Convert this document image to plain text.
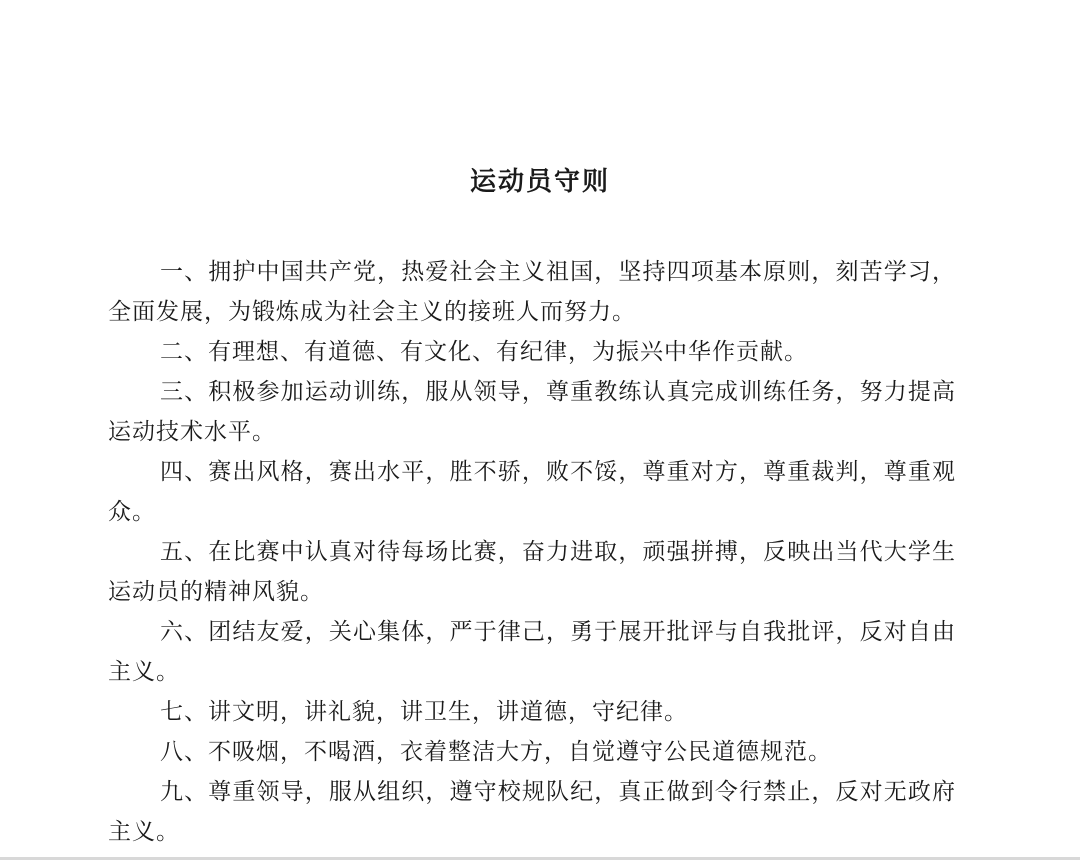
运动员守则

一、拥护中国共产党，热爱社会主义祖国，坚持四项基本原则，刻苦学习，全面发展，为锻炼成为社会主义的接班人而努力。

二、有理想、有道德、有文化、有纪律，为振兴中华作贡献。

三、积极参加运动训练，服从领导，尊重教练认真完成训练任务，努力提高运动技术水平。

四、赛出风格，赛出水平，胜不骄，败不馁，尊重对方，尊重裁判，尊重观众。

五、在比赛中认真对待每场比赛，奋力进取，顽强拼搏，反映出当代大学生运动员的精神风貌。

六、团结友爱，关心集体，严于律己，勇于展开批评与自我批评，反对自由主义。

七、讲文明，讲礼貌，讲卫生，讲道德，守纪律。

八、不吸烟，不喝酒，衣着整洁大方，自觉遵守公民道德规范。

九、尊重领导，服从组织，遵守校规队纪，真正做到令行禁止，反对无政府主义。
